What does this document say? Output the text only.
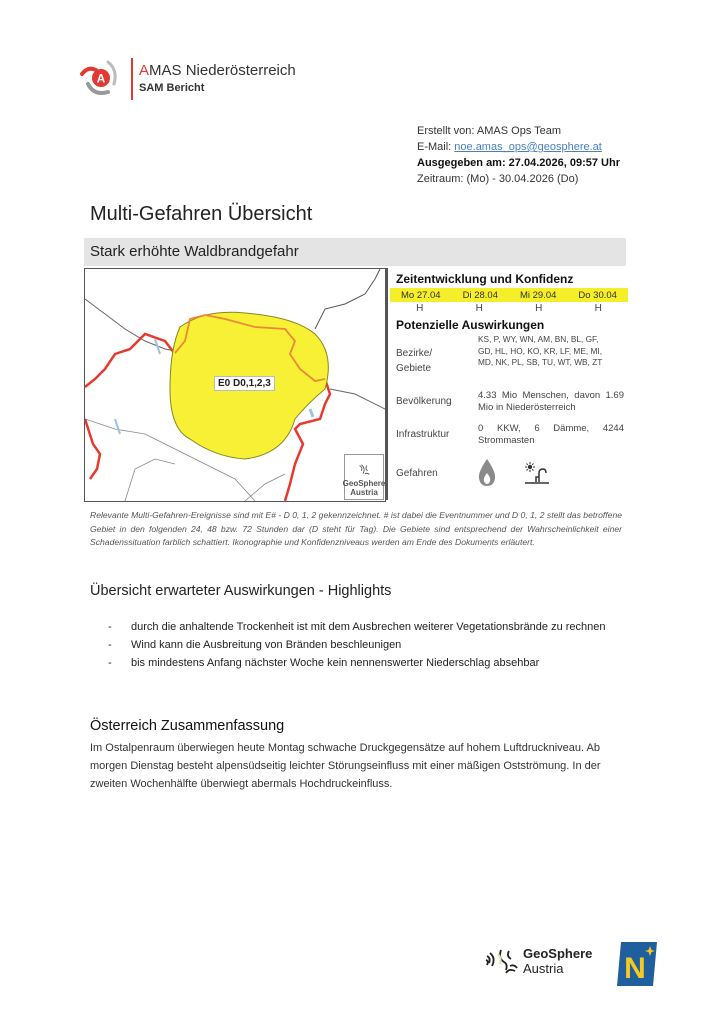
A AMAS Niederösterreich
SAM Bericht
Erstellt von: AMAS Ops Team
E-Mail: noe.amas_ops@geosphere.at
Ausgegeben am: 27.04.2026, 09:57 Uhr
Zeitraum: (Mo) - 30.04.2026 (Do)
Multi-Gefahren Übersicht
Stark erhöhte Waldbrandgefahr
E0 D0,1,2,3
GeoSphere
Austria
Zeitentwicklung und Konfidenz
Mo 27.04 Di 28.04 Mi 29.04 Do 30.04
H	H	H	H
Potenzielle Auswirkungen
Bezirke/
Gebiete
KS, P, WY, WN, AM, BN, BL, GF,
GD, HL, HO, KO, KR, LF, ME, MI,
MD, NK, PL, SB, TU, WT, WB, ZT
Bevölkerung
4.33 Mio Menschen, davon 1.69 Mio in Niederösterreich
Infrastruktur
0 KKW, 6 Dämme, 4244 Strommasten
Gefahren
Relevante Multi-Gefahren-Ereignisse sind mit E# - D 0, 1, 2 gekennzeichnet. # ist dabei die Eventnummer und D 0, 1, 2 stellt das betroffene Gebiet in den folgenden 24, 48 bzw. 72 Stunden dar (D steht für Tag). Die Gebiete sind entsprechend der Wahrscheinlichkeit einer Schadenssituation farblich schattiert. Ikonographie und Konfidenzniveaus werden am Ende des Dokuments erläutert.
Übersicht erwarteter Auswirkungen - Highlights
- durch die anhaltende Trockenheit ist mit dem Ausbrechen weiterer Vegetationsbrände zu rechnen
- Wind kann die Ausbreitung von Bränden beschleunigen
- bis mindestens Anfang nächster Woche kein nennenswerter Niederschlag absehbar
Österreich Zusammenfassung
Im Ostalpenraum überwiegen heute Montag schwache Druckgegensätze auf hohem Luftdruckniveau. Ab morgen Dienstag besteht alpensüdseitig leichter Störungseinfluss mit einer mäßigen Ostströmung. In der zweiten Wochenhälfte überwiegt abermals Hochdruckeinfluss.
GeoSphere
Austria	N
